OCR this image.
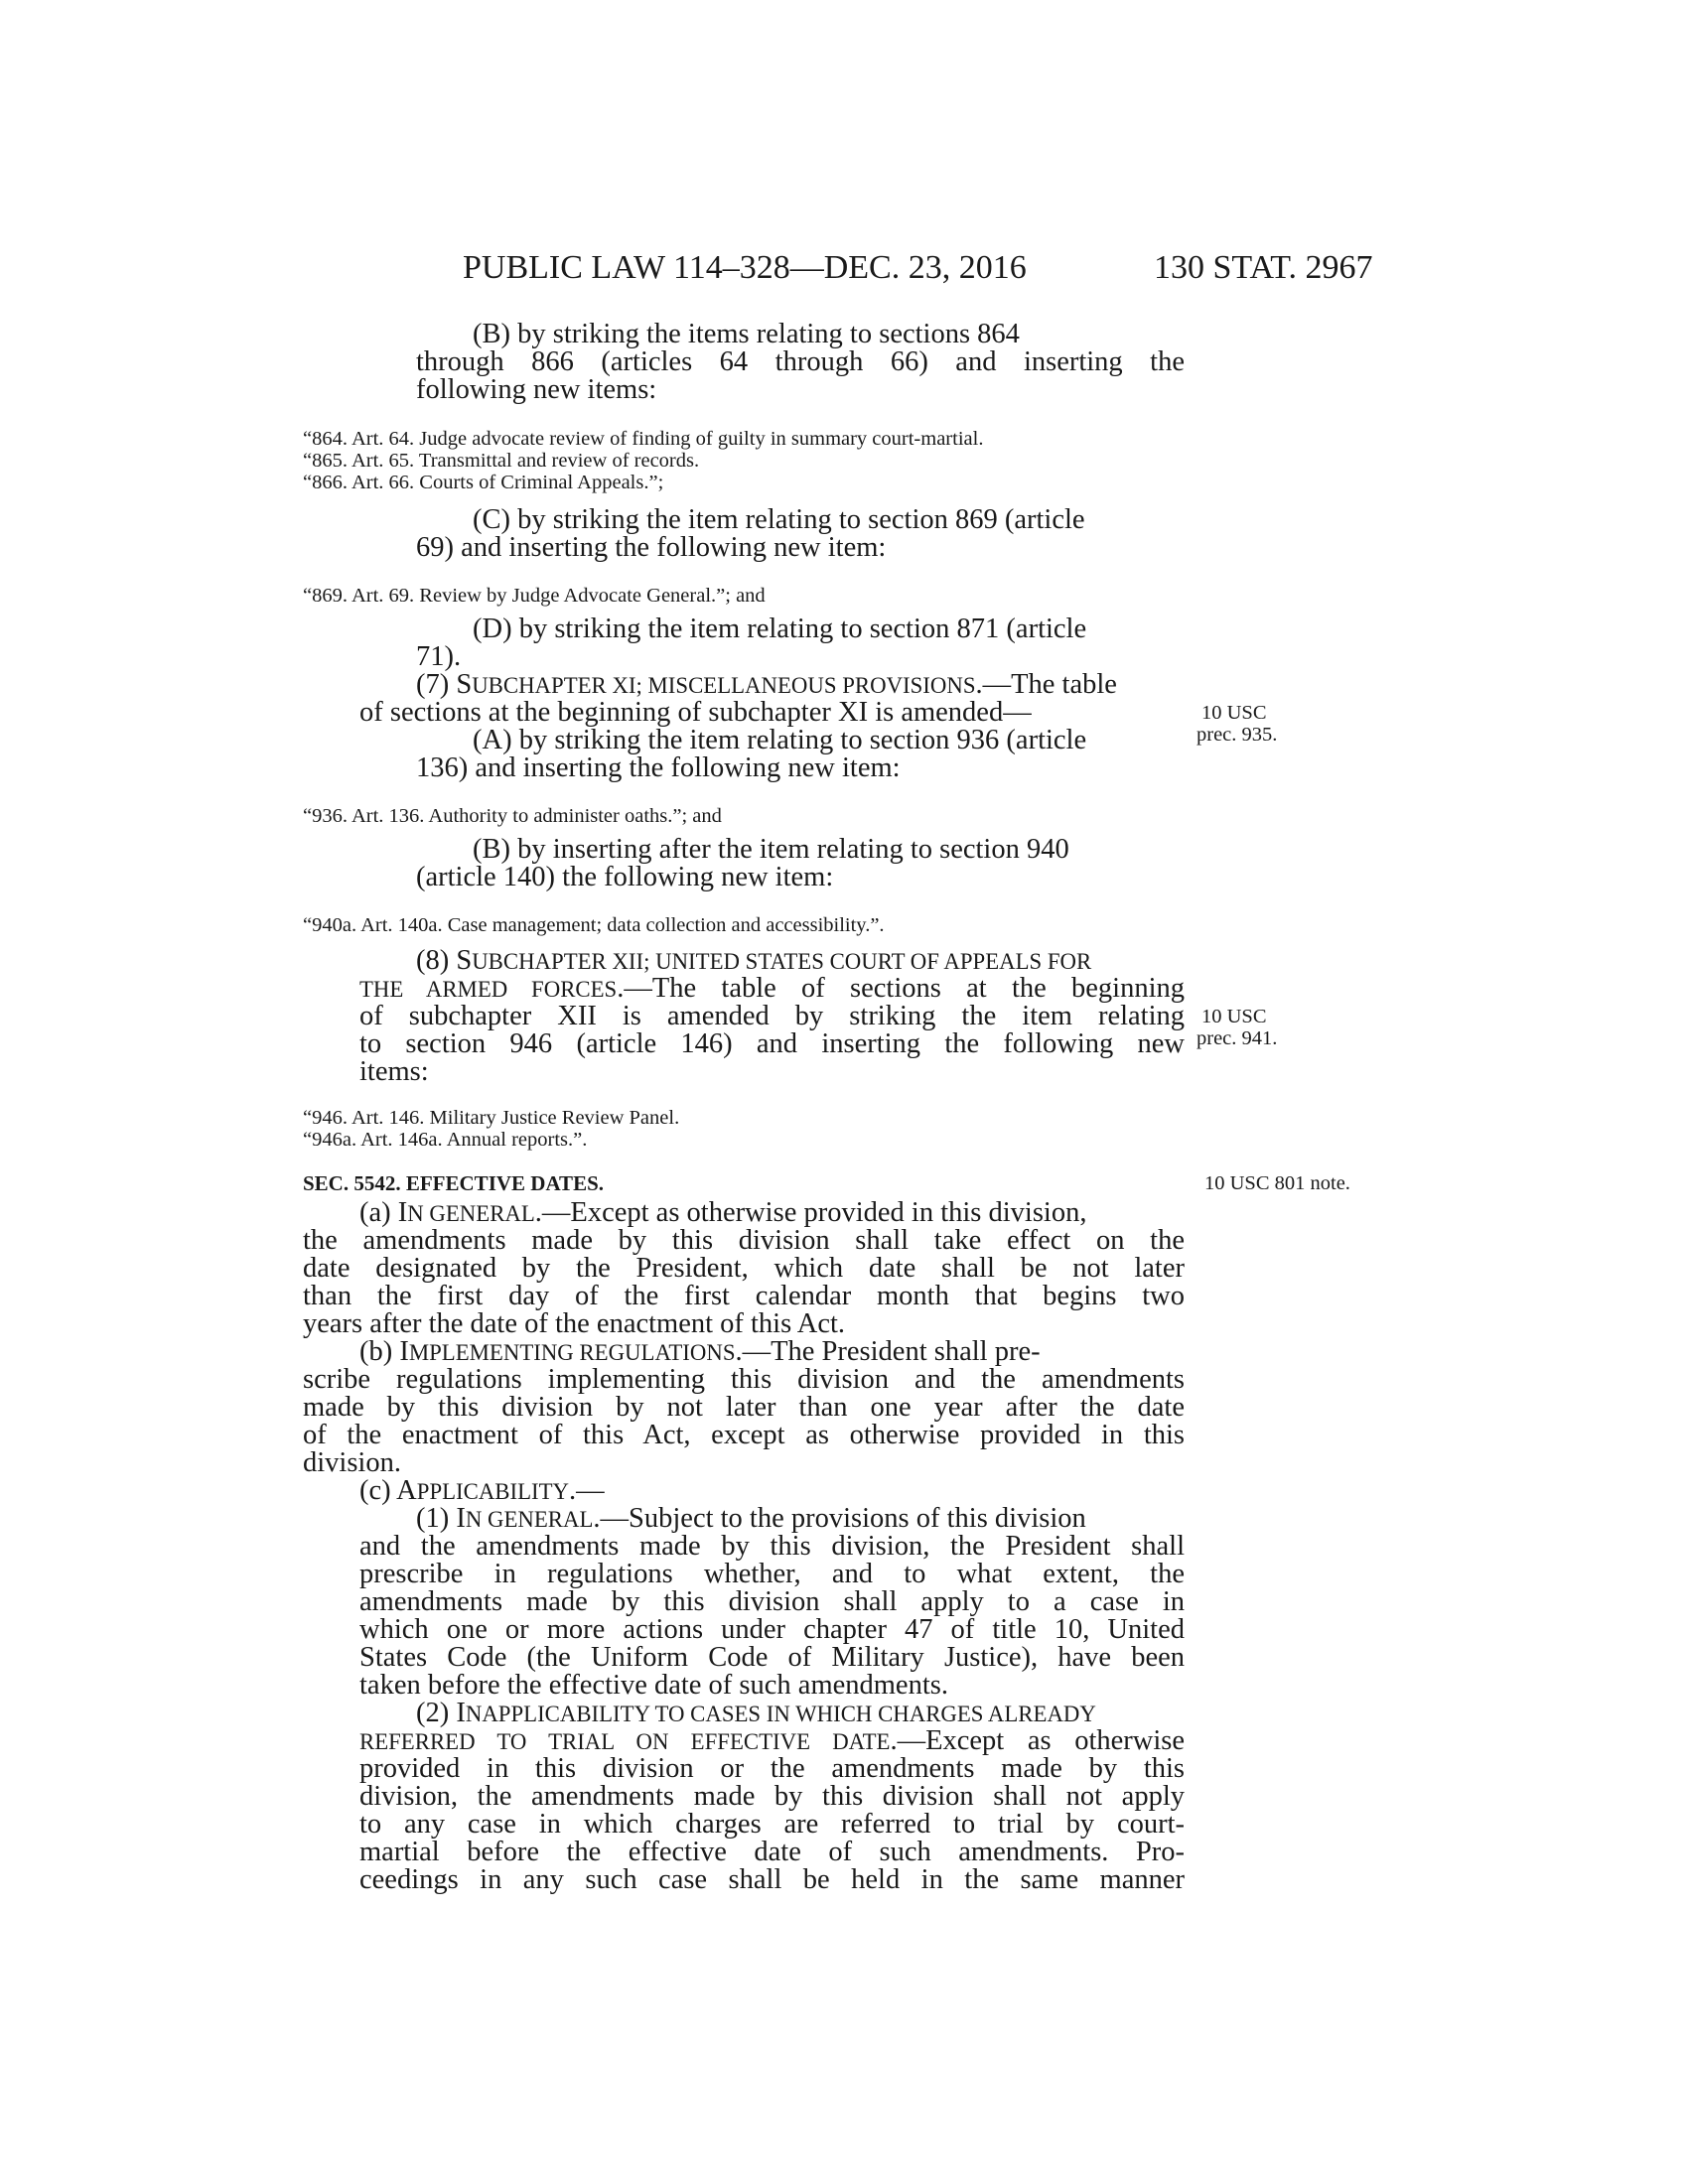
PUBLIC LAW 114–328—DEC. 23, 2016	130 STAT. 2967
(B) by striking the items relating to sections 864
through 866 (articles 64 through 66) and inserting the
following new items:
“864. Art. 64. Judge advocate review of finding of guilty in summary court-martial.
“865. Art. 65. Transmittal and review of records.
“866. Art. 66. Courts of Criminal Appeals.”;
(C) by striking the item relating to section 869 (article
69) and inserting the following new item:
“869. Art. 69. Review by Judge Advocate General.”; and
(D) by striking the item relating to section 871 (article
71).
(7) SUBCHAPTER XI; MISCELLANEOUS PROVISIONS.—The table
of sections at the beginning of subchapter XI is amended—
(A) by striking the item relating to section 936 (article
136) and inserting the following new item:
“936. Art. 136. Authority to administer oaths.”; and
(B) by inserting after the item relating to section 940
(article 140) the following new item:
“940a. Art. 140a. Case management; data collection and accessibility.”.
(8) SUBCHAPTER XII; UNITED STATES COURT OF APPEALS FOR
THE ARMED FORCES.—The table of sections at the beginning
of subchapter XII is amended by striking the item relating
to section 946 (article 146) and inserting the following new
items:
“946. Art. 146. Military Justice Review Panel.
“946a. Art. 146a. Annual reports.”.
SEC. 5542. EFFECTIVE DATES.
(a) IN GENERAL.—Except as otherwise provided in this division,
the amendments made by this division shall take effect on the
date designated by the President, which date shall be not later
than the first day of the first calendar month that begins two
years after the date of the enactment of this Act.
(b) IMPLEMENTING REGULATIONS.—The President shall pre-
scribe regulations implementing this division and the amendments
made by this division by not later than one year after the date
of the enactment of this Act, except as otherwise provided in this
division.
(c) APPLICABILITY.—
(1) IN GENERAL.—Subject to the provisions of this division
and the amendments made by this division, the President shall
prescribe in regulations whether, and to what extent, the
amendments made by this division shall apply to a case in
which one or more actions under chapter 47 of title 10, United
States Code (the Uniform Code of Military Justice), have been
taken before the effective date of such amendments.
(2) INAPPLICABILITY TO CASES IN WHICH CHARGES ALREADY
REFERRED TO TRIAL ON EFFECTIVE DATE.—Except as otherwise
provided in this division or the amendments made by this
division, the amendments made by this division shall not apply
to any case in which charges are referred to trial by court-
martial before the effective date of such amendments. Pro-
ceedings in any such case shall be held in the same manner
10 USC
prec. 935.
10 USC
prec. 941.
10 USC 801 note.
